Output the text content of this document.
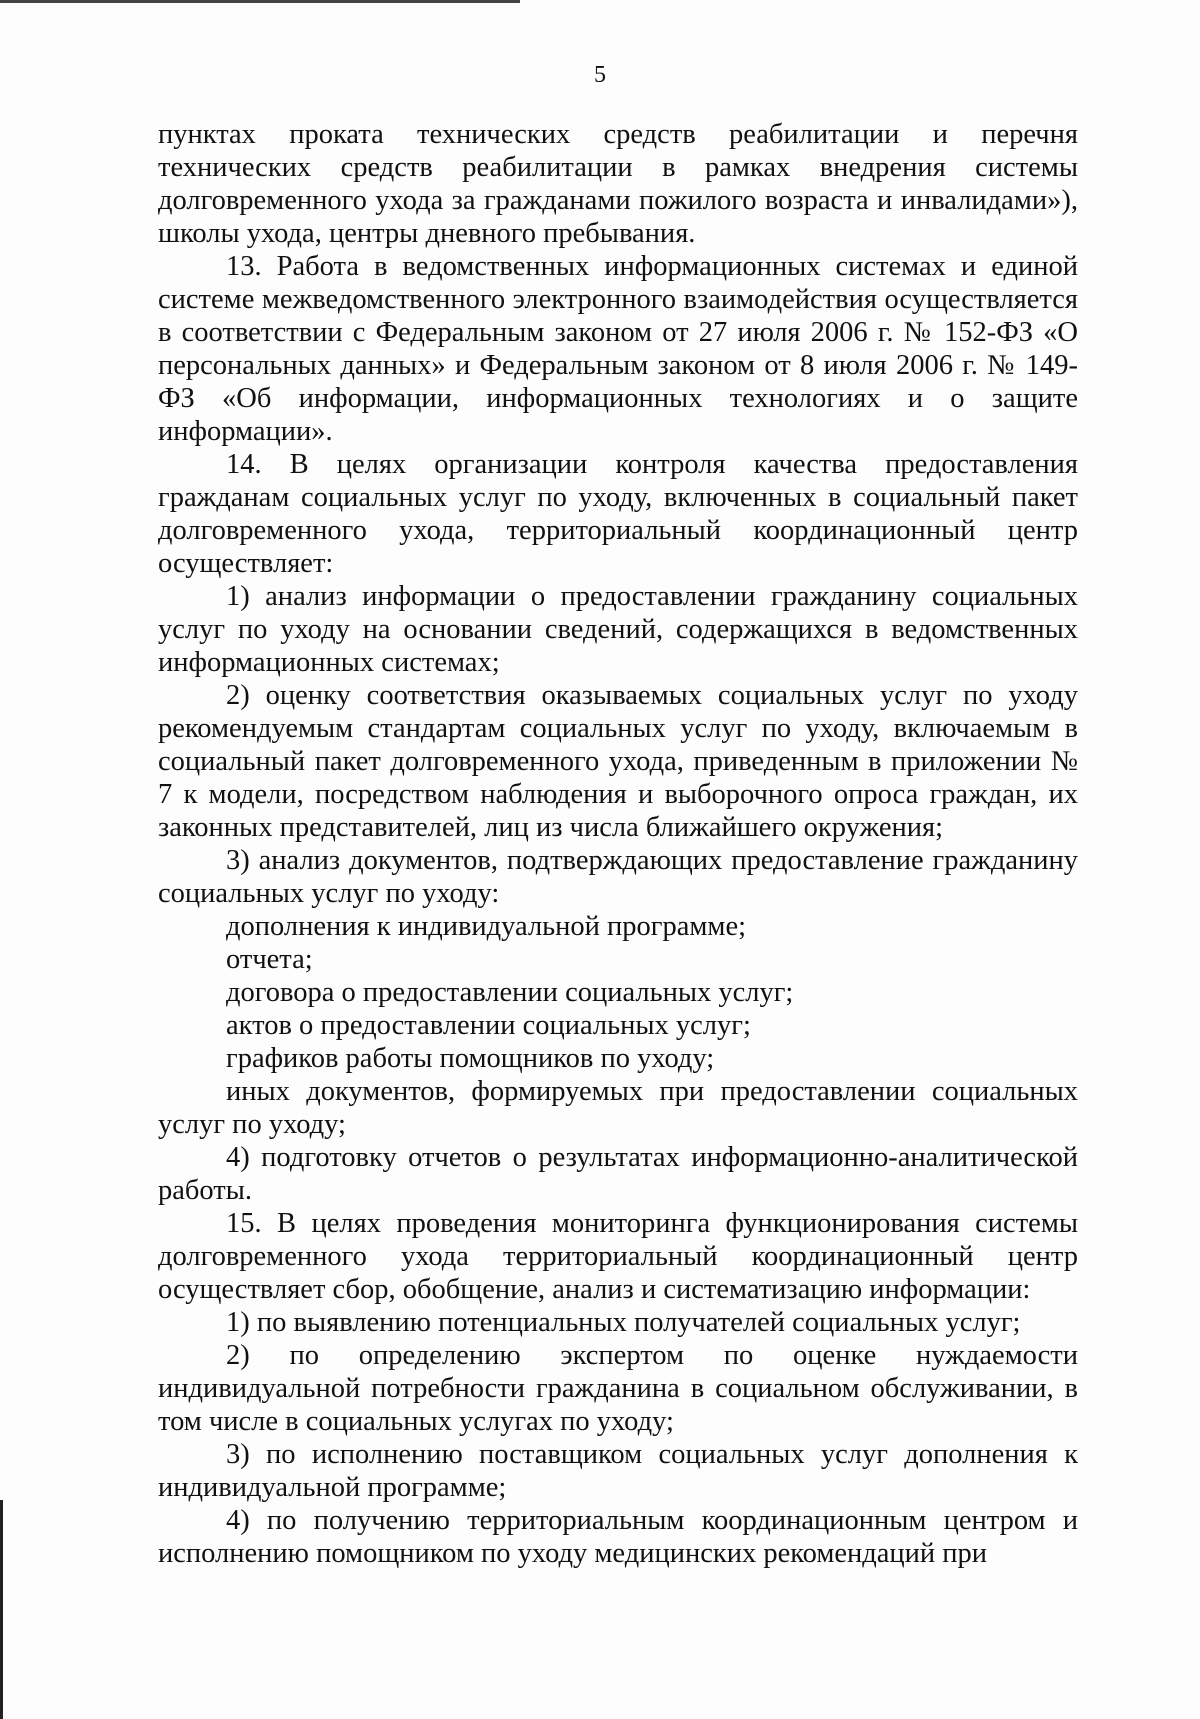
5

пунктах проката технических средств реабилитации и перечня технических средств реабилитации в рамках внедрения системы долговременного ухода за гражданами пожилого возраста и инвалидами»), школы ухода, центры дневного пребывания.

13. Работа в ведомственных информационных системах и единой системе межведомственного электронного взаимодействия осуществляется в соответствии с Федеральным законом от 27 июля 2006 г. № 152-ФЗ «О персональных данных» и Федеральным законом от 8 июля 2006 г. № 149-ФЗ «Об информации, информационных технологиях и о защите информации».

14. В целях организации контроля качества предоставления гражданам социальных услуг по уходу, включенных в социальный пакет долговременного ухода, территориальный координационный центр осуществляет:

1) анализ информации о предоставлении гражданину социальных услуг по уходу на основании сведений, содержащихся в ведомственных информационных системах;

2) оценку соответствия оказываемых социальных услуг по уходу рекомендуемым стандартам социальных услуг по уходу, включаемым в социальный пакет долговременного ухода, приведенным в приложении № 7 к модели, посредством наблюдения и выборочного опроса граждан, их законных представителей, лиц из числа ближайшего окружения;

3) анализ документов, подтверждающих предоставление гражданину социальных услуг по уходу:

дополнения к индивидуальной программе;

отчета;

договора о предоставлении социальных услуг;

актов о предоставлении социальных услуг;

графиков работы помощников по уходу;

иных документов, формируемых при предоставлении социальных услуг по уходу;

4) подготовку отчетов о результатах информационно-аналитической работы.

15. В целях проведения мониторинга функционирования системы долговременного ухода территориальный координационный центр осуществляет сбор, обобщение, анализ и систематизацию информации:

1) по выявлению потенциальных получателей социальных услуг;

2) по определению экспертом по оценке нуждаемости индивидуальной потребности гражданина в социальном обслуживании, в том числе в социальных услугах по уходу;

3) по исполнению поставщиком социальных услуг дополнения к индивидуальной программе;

4) по получению территориальным координационным центром и исполнению помощником по уходу медицинских рекомендаций при
